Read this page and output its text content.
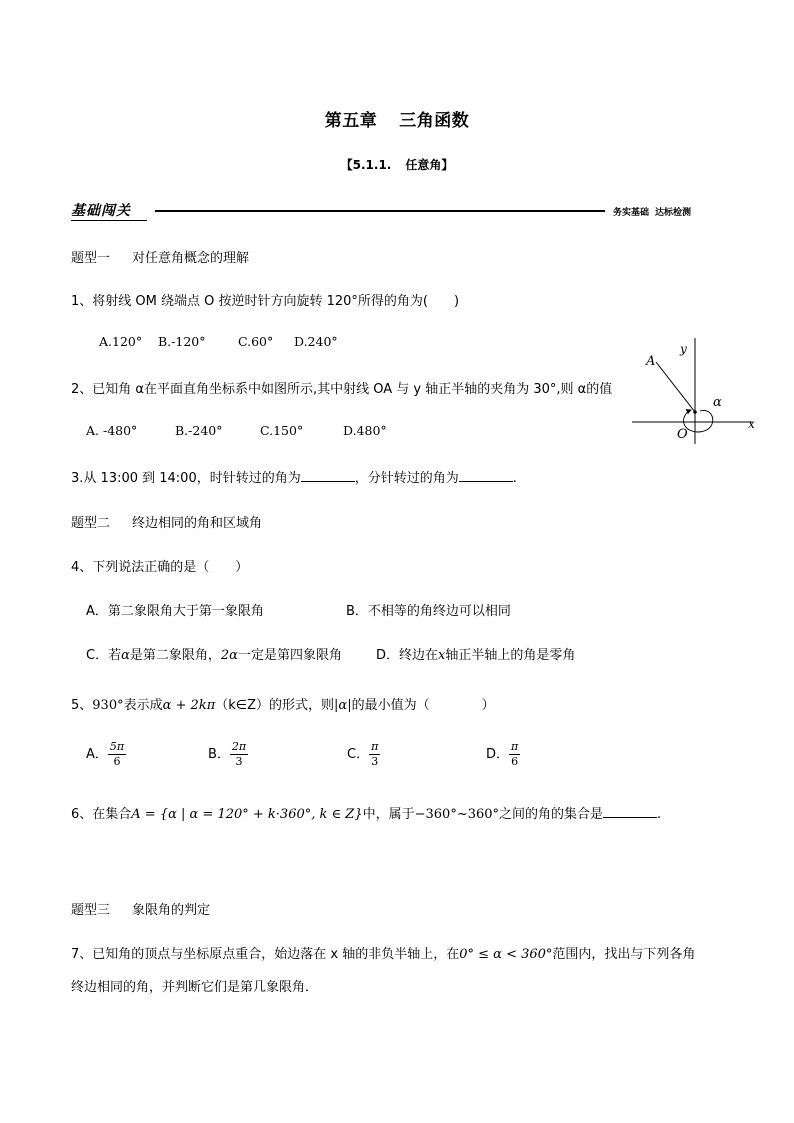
第五章 三角函数
【5.1.1. 任意角】
基础闯关	务实基础 达标检测
题型一 对任意角概念的理解
1、将射线 OM 绕端点 O 按逆时针方向旋转 120°所得的角为(　　)
A.120° B.-120°	C.60° D.240°
2、已知角 α在平面直角坐标系中如图所示,其中射线 OA 与 y 轴正半轴的夹角为 30°,则 α的值
A. -480°	B.-240°	C.150°	D.480°
A
y
x
O
α
3.从 13:00 到 14:00，时针转过的角为	，分针转过的角为	.
题型二 终边相同的角和区域角
4、下列说法正确的是（　　）
A．第二象限角大于第一象限角	B．不相等的角终边可以相同
C．若α是第二象限角，2α一定是第四象限角	D．终边在x轴正半轴上的角是零角
5、930°表示成α + 2kπ（k∈Z）的形式，则|α|的最小值为（　　　　）
A． $\frac{5\pi}{6}$	B． $\frac{2\pi}{3}$	C． $\frac{\pi}{3}$	D． $\frac{\pi}{6}$
6、在集合A = {α | α = 120° + k·360°, k ∈ Z}中，属于−360°~360°之间的角的集合是	.
题型三 象限角的判定
7、已知角的顶点与坐标原点重合，始边落在 x 轴的非负半轴上，在0° ≤ α < 360°范围内，找出与下列各角
终边相同的角，并判断它们是第几象限角．
